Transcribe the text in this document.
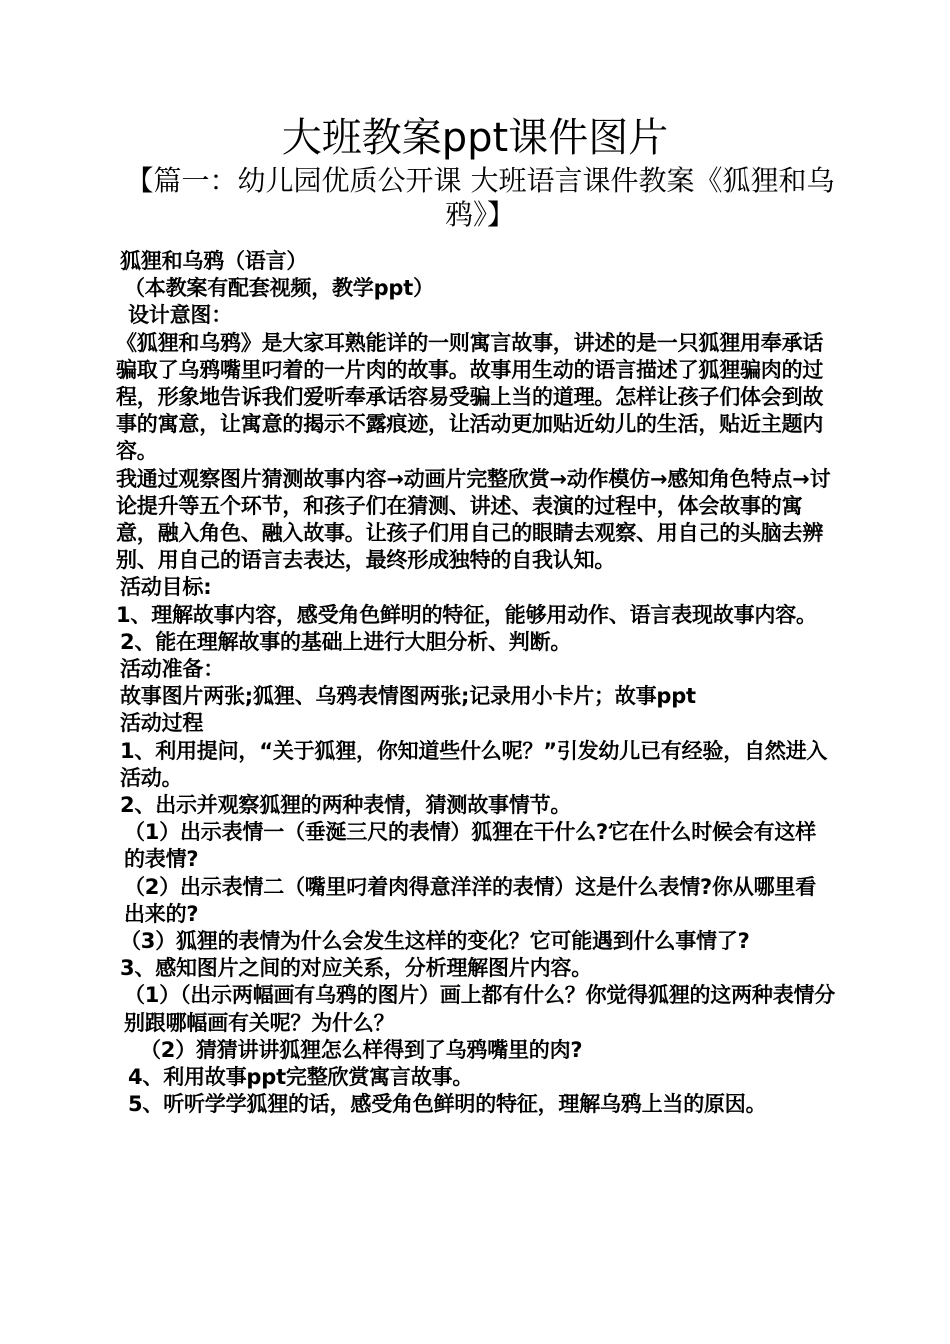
大班教案ppt课件图片
【篇一：幼儿园优质公开课 大班语言课件教案《狐狸和乌鸦》】

狐狸和乌鸦（语言）

（本教案有配套视频，教学ppt）

设计意图：

《狐狸和乌鸦》是大家耳熟能详的一则寓言故事，讲述的是一只狐狸用奉承话骗取了乌鸦嘴里叼着的一片肉的故事。故事用生动的语言描述了狐狸骗肉的过程，形象地告诉我们爱听奉承话容易受骗上当的道理。怎样让孩子们体会到故事的寓意，让寓意的揭示不露痕迹，让活动更加贴近幼儿的生活，贴近主题内容。

我通过观察图片猜测故事内容→动画片完整欣赏→动作模仿→感知角色特点→讨论提升等五个环节，和孩子们在猜测、讲述、表演的过程中，体会故事的寓意，融入角色、融入故事。让孩子们用自己的眼睛去观察、用自己的头脑去辨别、用自己的语言去表达，最终形成独特的自我认知。

活动目标:

1、理解故事内容，感受角色鲜明的特征，能够用动作、语言表现故事内容。

2、能在理解故事的基础上进行大胆分析、判断。

活动准备：

故事图片两张;狐狸、乌鸦表情图两张;记录用小卡片；故事ppt

活动过程

1、利用提问，“关于狐狸，你知道些什么呢？”引发幼儿已有经验，自然进入活动。

2、出示并观察狐狸的两种表情，猜测故事情节。

（1）出示表情一（垂涎三尺的表情）狐狸在干什么?它在什么时候会有这样的表情?

（2）出示表情二（嘴里叼着肉得意洋洋的表情）这是什么表情?你从哪里看出来的?

（3）狐狸的表情为什么会发生这样的变化？它可能遇到什么事情了?

3、感知图片之间的对应关系，分析理解图片内容。

（1）（出示两幅画有乌鸦的图片）画上都有什么？你觉得狐狸的这两种表情分别跟哪幅画有关呢？为什么？

（2）猜猜讲讲狐狸怎么样得到了乌鸦嘴里的肉?

4、利用故事ppt完整欣赏寓言故事。

5、听听学学狐狸的话，感受角色鲜明的特征，理解乌鸦上当的原因。
